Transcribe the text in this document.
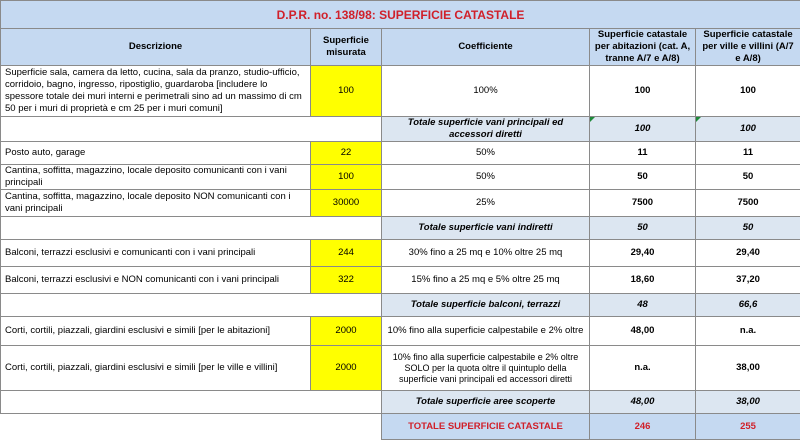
D.P.R. no. 138/98: SUPERFICIE CATASTALE				
Descrizione	Superficie misurata	Coefficiente	Superficie catastale per abitazioni (cat. A, tranne A/7 e A/8)	Superficie catastale per ville e villini (A/7 e A/8)
Superficie sala, camera da letto, cucina, sala da pranzo, studio-ufficio, corridoio, bagno, ingresso, ripostiglio, guardaroba [includere lo spessore totale dei muri interni e perimetrali sino ad un massimo di cm 50 per i muri di proprietà e cm 25 per i muri comuni]	100	100%	100	100
		Totale superficie vani principali ed accessori diretti	100	100
Posto auto, garage	22	50%	11	11
Cantina, soffitta, magazzino, locale deposito comunicanti con i vani principali	100	50%	50	50
Cantina, soffitta, magazzino, locale deposito NON comunicanti con i vani principali	30000	25%	7500	7500
		Totale superficie vani indiretti	50	50
Balconi, terrazzi esclusivi e comunicanti con i vani principali	244	30% fino a 25 mq e 10% oltre 25 mq	29,40	29,40
Balconi, terrazzi esclusivi e NON comunicanti con i vani principali	322	15% fino a 25 mq e 5% oltre 25 mq	18,60	37,20
		Totale superficie balconi, terrazzi	48	66,6
Corti, cortili, piazzali, giardini esclusivi e simili [per le abitazioni]	2000	10% fino alla superficie calpestabile e 2% oltre	48,00	n.a.
Corti, cortili, piazzali, giardini esclusivi e simili [per le ville e villini]	2000	10% fino alla superficie calpestabile e 2% oltre SOLO per la quota oltre il quintuplo della superficie vani principali ed accessori diretti	n.a.	38,00
		Totale superficie aree scoperte	48,00	38,00
		TOTALE SUPERFICIE CATASTALE	246	255
